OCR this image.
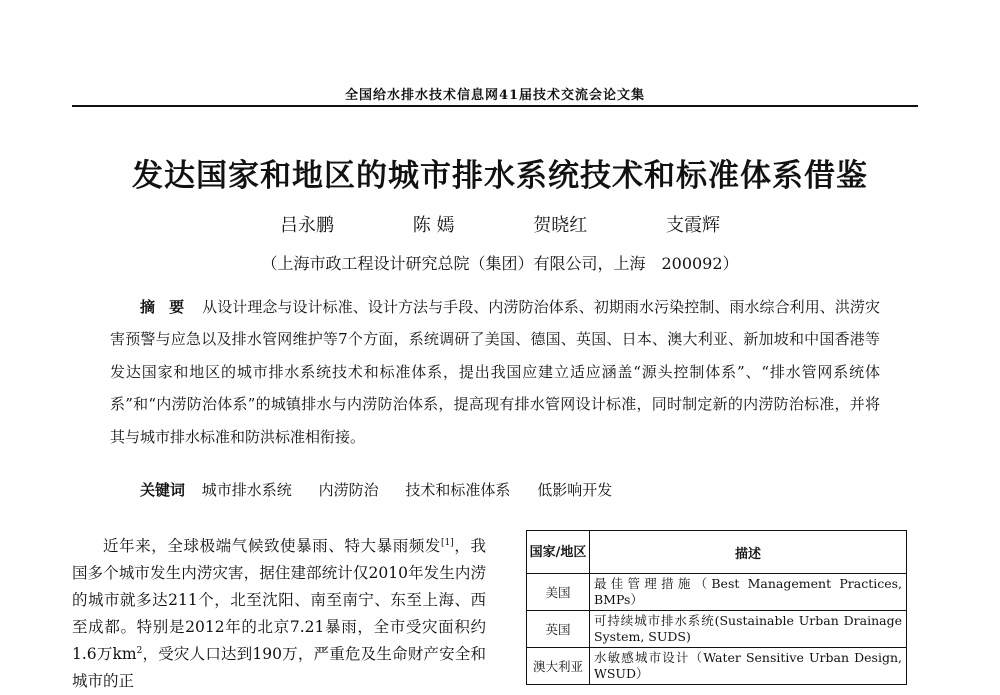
全国给水排水技术信息网41届技术交流会论文集
发达国家和地区的城市排水系统技术和标准体系借鉴
吕永鹏	陈 嫣	贺晓红	支霞辉
（上海市政工程设计研究总院（集团）有限公司，上海　200092）
摘要 从设计理念与设计标准、设计方法与手段、内涝防治体系、初期雨水污染控制、雨水综合利用、洪涝灾害预警与应急以及排水管网维护等7个方面，系统调研了美国、德国、英国、日本、澳大利亚、新加坡和中国香港等发达国家和地区的城市排水系统技术和标准体系，提出我国应建立适应涵盖“源头控制体系”、“排水管网系统体系”和“内涝防治体系”的城镇排水与内涝防治体系，提高现有排水管网设计标准，同时制定新的内涝防治标准，并将其与城市排水标准和防洪标准相衔接。
关键词 城市排水系统 内涝防治 技术和标准体系 低影响开发
近年来，全球极端气候致使暴雨、特大暴雨频发[1]，我国多个城市发生内涝灾害，据住建部统计仅2010年发生内涝的城市就多达211个，北至沈阳、南至南宁、东至上海、西至成都。特别是2012年的北京7.21暴雨，全市受灾面积约1.6万$km^2$，受灾人口达到190万，严重危及生命财产安全和城市的正
国家/地区	描述
美国	最佳管理措施（Best Management Practices, BMPs）
英国	可持续城市排水系统(Sustainable Urban Drainage System, SUDS)
澳大利亚	水敏感城市设计（Water Sensitive Urban Design, WSUD）
